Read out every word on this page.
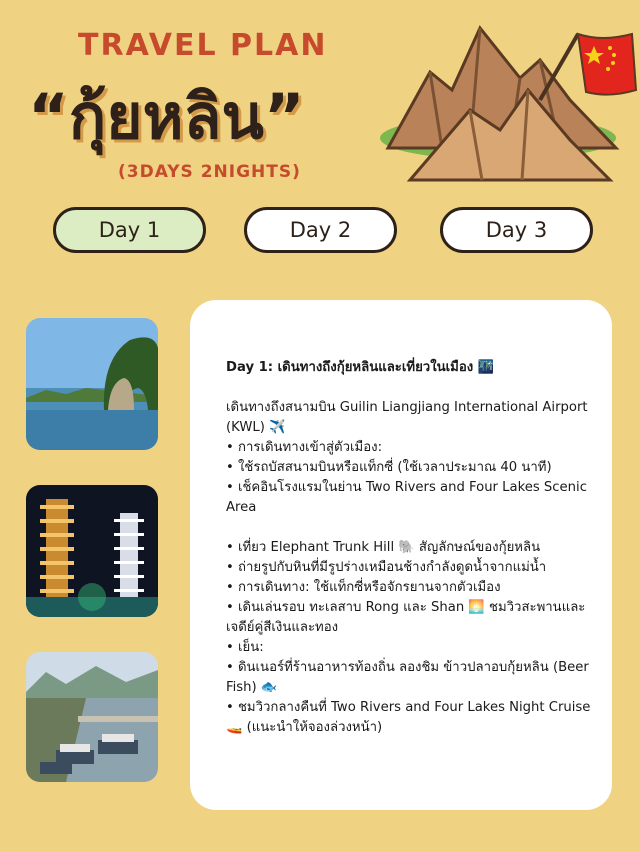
TRAVEL PLAN
“กุ้ยหลิน”
(3DAYS 2NIGHTS)
Day 1	Day 2	Day 3

Day 1: เดินทางถึงกุ้ยหลินและเที่ยวในเมือง 🌃

เดินทางถึงสนามบิน Guilin Liangjiang International Airport (KWL) ✈️

• การเดินทางเข้าสู่ตัวเมือง:

• ใช้รถบัสสนามบินหรือแท็กซี่ (ใช้เวลาประมาณ 40 นาที)

• เช็คอินโรงแรมในย่าน Two Rivers and Four Lakes Scenic Area

• เที่ยว Elephant Trunk Hill 🐘 สัญลักษณ์ของกุ้ยหลิน

• ถ่ายรูปกับหินที่มีรูปร่างเหมือนช้างกำลังดูดน้ำจากแม่น้ำ

• การเดินทาง: ใช้แท็กซี่หรือจักรยานจากตัวเมือง

• เดินเล่นรอบ ทะเลสาบ Rong และ Shan 🌅 ชมวิวสะพานและเจดีย์คู่สีเงินและทอง

• เย็น:

• ดินเนอร์ที่ร้านอาหารท้องถิ่น ลองชิม ข้าวปลาอบกุ้ยหลิน (Beer Fish) 🐟

• ชมวิวกลางคืนที่ Two Rivers and Four Lakes Night Cruise 🚤 (แนะนำให้จองล่วงหน้า)
